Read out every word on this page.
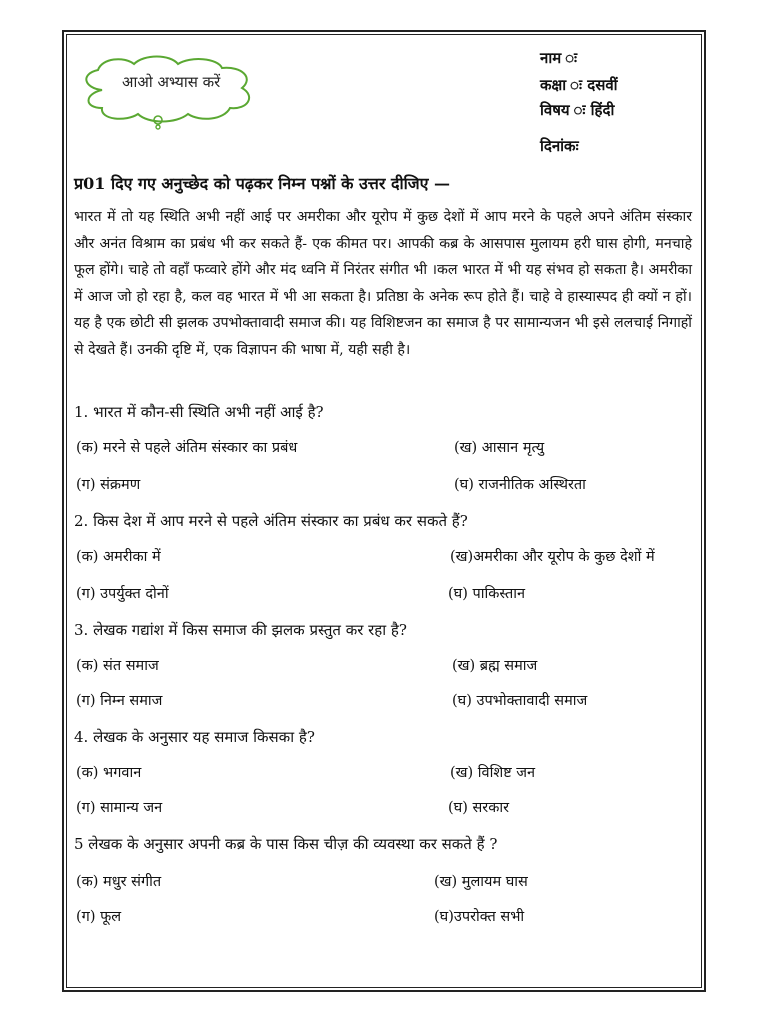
आओ अभ्यास करें
नाम ः
कक्षा ः दसवीं
विषय ः हिंदी
दिनांकः
प्र01 दिए गए अनुच्छेद को पढ़कर निम्न पश्नों के उत्तर दीजिए —
भारत में तो यह स्थिति अभी नहीं आई पर अमरीका और यूरोप में कुछ देशों में आप मरने के पहले अपने अंतिम संस्कार और अनंत विश्राम का प्रबंध भी कर सकते हैं- एक कीमत पर। आपकी कब्र के आसपास मुलायम हरी घास होगी, मनचाहे फूल होंगे। चाहे तो वहाँ फव्वारे होंगे और मंद ध्वनि में निरंतर संगीत भी ।कल भारत में भी यह संभव हो सकता है। अमरीका में आज जो हो रहा है, कल वह भारत में भी आ सकता है। प्रतिष्ठा के अनेक रूप होते हैं। चाहे वे हास्यास्पद ही क्यों न हों। यह है एक छोटी सी झलक उपभोक्तावादी समाज की। यह विशिष्टजन का समाज है पर सामान्यजन भी इसे ललचाई निगाहों से देखते हैं। उनकी दृष्टि में, एक विज्ञापन की भाषा में, यही सही है।
1. भारत में कौन-सी स्थिति अभी नहीं आई है?
(क) मरने से पहले अंतिम संस्कार का प्रबंध	(ख) आसान मृत्यु
(ग) संक्रमण	(घ) राजनीतिक अस्थिरता
2. किस देश में आप मरने से पहले अंतिम संस्कार का प्रबंध कर सकते हैं?
(क) अमरीका में	(ख)अमरीका और यूरोप के कुछ देशों में
(ग) उपर्युक्त दोनों	(घ) पाकिस्तान
3. लेखक गद्यांश में किस समाज की झलक प्रस्तुत कर रहा है?
(क) संत समाज	(ख) ब्रह्म समाज
(ग) निम्न समाज	(घ) उपभोक्तावादी समाज
4. लेखक के अनुसार यह समाज किसका है?
(क) भगवान	(ख) विशिष्ट जन
(ग) सामान्य जन	(घ) सरकार
5 लेखक के अनुसार अपनी कब्र के पास किस चीज़ की व्यवस्था कर सकते हैं ?
(क) मधुर संगीत	(ख) मुलायम घास
(ग) फूल	(घ)उपरोक्त सभी
